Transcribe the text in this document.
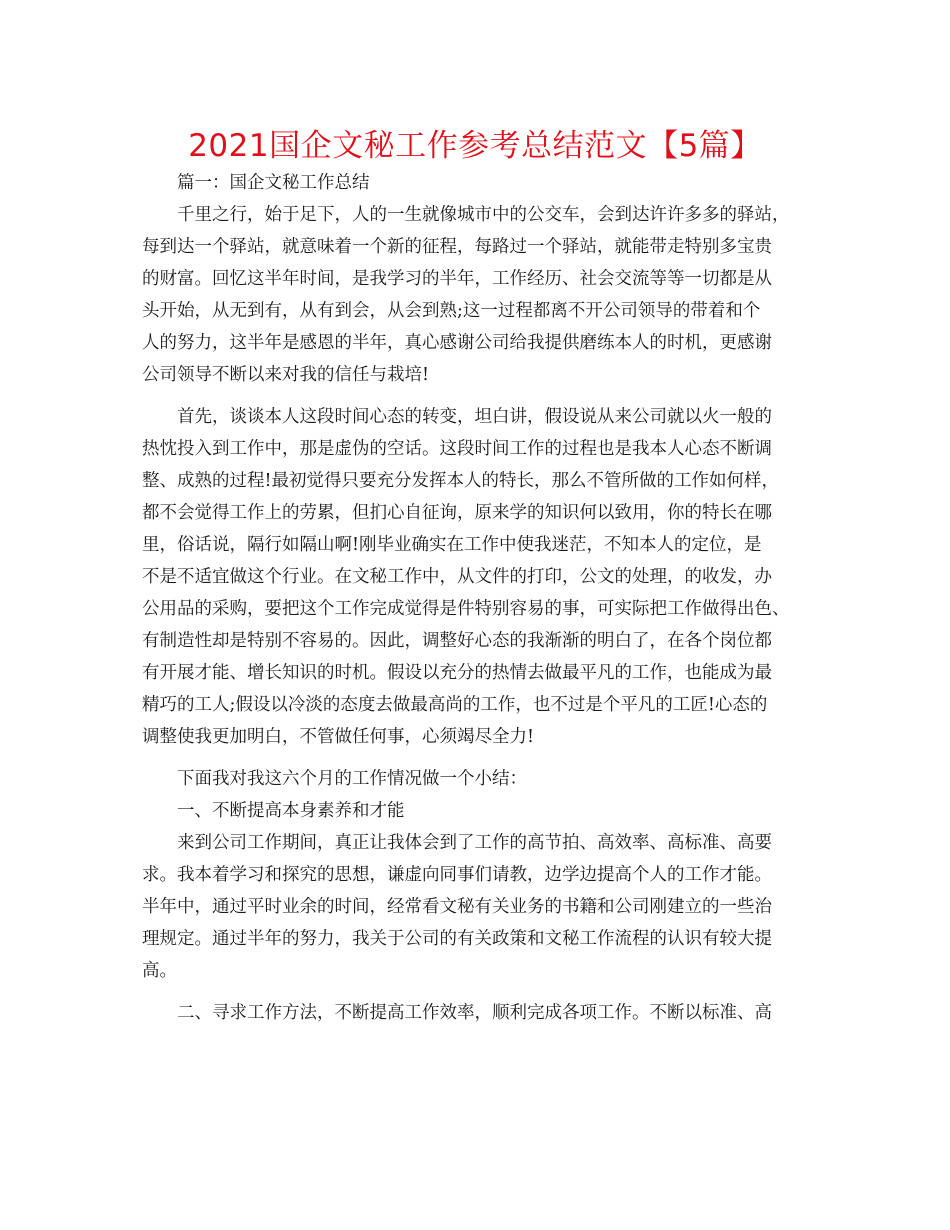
2021国企文秘工作参考总结范文【5篇】

篇一：国企文秘工作总结

千里之行，始于足下，人的一生就像城市中的公交车，会到达许许多多的驿站，

每到达一个驿站，就意味着一个新的征程，每路过一个驿站，就能带走特别多宝贵

的财富。回忆这半年时间，是我学习的半年，工作经历、社会交流等等一切都是从

头开始，从无到有，从有到会，从会到熟;这一过程都离不开公司领导的带着和个

人的努力，这半年是感恩的半年，真心感谢公司给我提供磨练本人的时机，更感谢

公司领导不断以来对我的信任与栽培!

首先，谈谈本人这段时间心态的转变，坦白讲，假设说从来公司就以火一般的

热忱投入到工作中，那是虚伪的空话。这段时间工作的过程也是我本人心态不断调

整、成熟的过程!最初觉得只要充分发挥本人的特长，那么不管所做的工作如何样，

都不会觉得工作上的劳累，但扪心自征询，原来学的知识何以致用，你的特长在哪

里，俗话说，隔行如隔山啊!刚毕业确实在工作中使我迷茫，不知本人的定位，是

不是不适宜做这个行业。在文秘工作中，从文件的打印，公文的处理，的收发，办

公用品的采购，要把这个工作完成觉得是件特别容易的事，可实际把工作做得出色、

有制造性却是特别不容易的。因此，调整好心态的我渐渐的明白了，在各个岗位都

有开展才能、增长知识的时机。假设以充分的热情去做最平凡的工作，也能成为最

精巧的工人;假设以冷淡的态度去做最高尚的工作，也不过是个平凡的工匠!心态的

调整使我更加明白，不管做任何事，心须竭尽全力!

下面我对我这六个月的工作情况做一个小结：

一、不断提高本身素养和才能

来到公司工作期间，真正让我体会到了工作的高节拍、高效率、高标准、高要

求。我本着学习和探究的思想，谦虚向同事们请教，边学边提高个人的工作才能。

半年中，通过平时业余的时间，经常看文秘有关业务的书籍和公司刚建立的一些治

理规定。通过半年的努力，我关于公司的有关政策和文秘工作流程的认识有较大提

高。

二、寻求工作方法，不断提高工作效率，顺利完成各项工作。不断以标准、高
